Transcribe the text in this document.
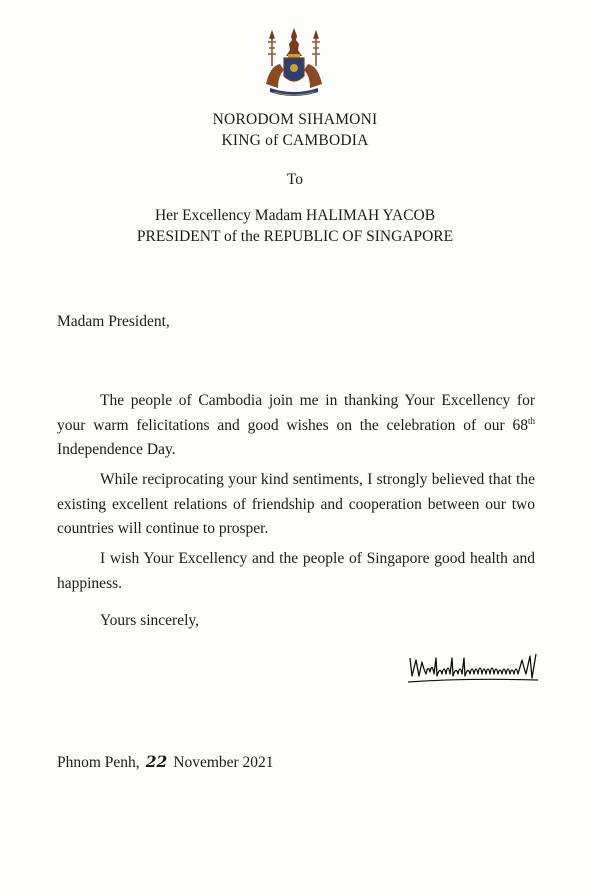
NORODOM SIHAMONI
KING of CAMBODIA
To
Her Excellency Madam HALIMAH YACOB
PRESIDENT of the REPUBLIC OF SINGAPORE
Madam President,

The people of Cambodia join me in thanking Your Excellency for your warm felicitations and good wishes on the celebration of our 68th Independence Day.

While reciprocating your kind sentiments, I strongly believed that the existing excellent relations of friendship and cooperation between our two countries will continue to prosper.

I wish Your Excellency and the people of Singapore good health and happiness.

Yours sincerely,
Phnom Penh, 22 November 2021
